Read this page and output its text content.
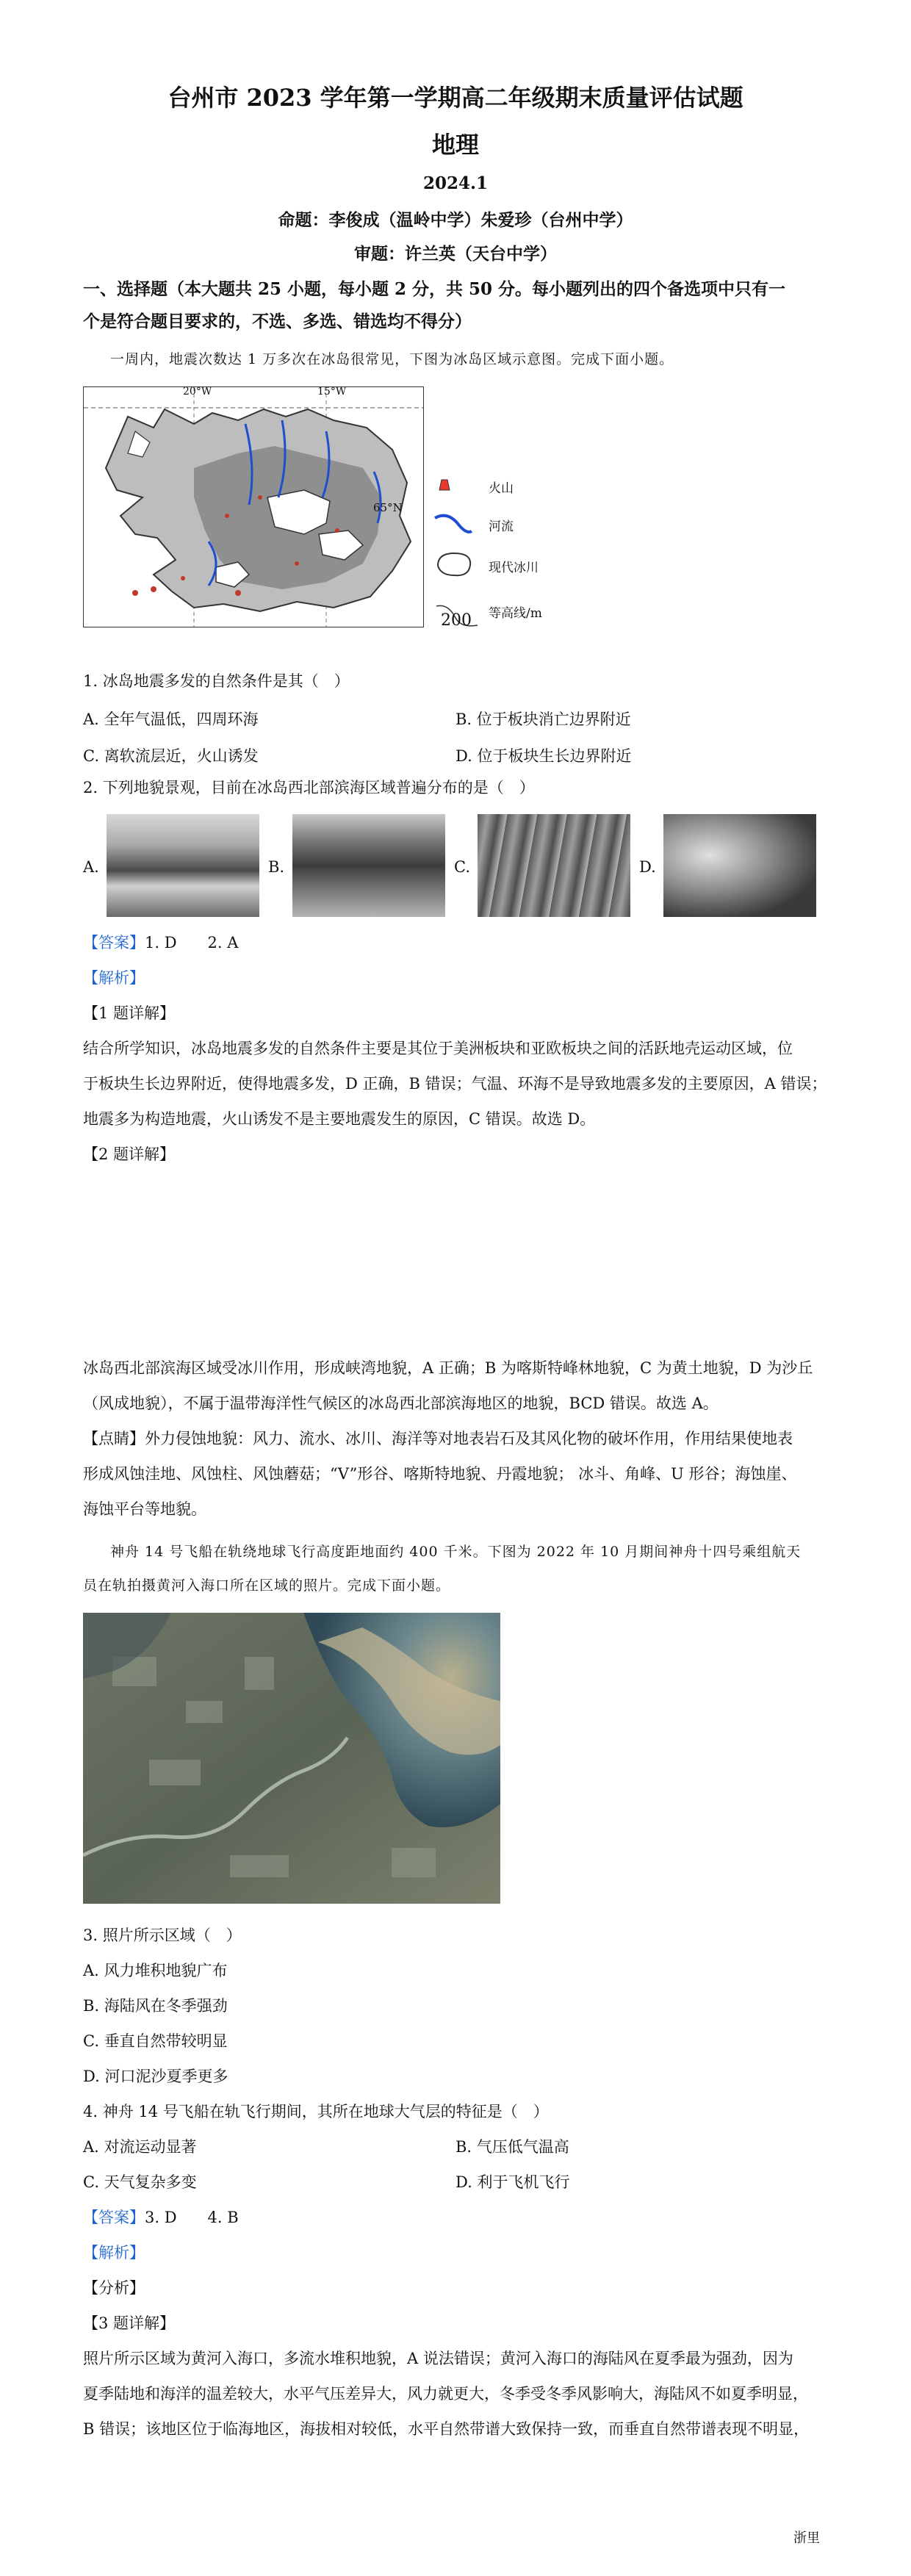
台州市 2023 学年第一学期高二年级期末质量评估试题
地理
2024.1
命题：李俊成（温岭中学）朱爱珍（台州中学）
审题：许兰英（天台中学）
一、选择题（本大题共 25 小题，每小题 2 分，共 50 分。每小题列出的四个备选项中只有一
个是符合题目要求的，不选、多选、错选均不得分）
一周内，地震次数达 1 万多次在冰岛很常见，下图为冰岛区域示意图。完成下面小题。
20°W	15°W
65°N
火山
河流
现代冰川
200 等高线/m
1. 冰岛地震多发的自然条件是其（　）
A. 全年气温低，四周环海	B. 位于板块消亡边界附近
C. 离软流层近，火山诱发	D. 位于板块生长边界附近
2. 下列地貌景观，目前在冰岛西北部滨海区域普遍分布的是（　）
A.	B.	C.	D.
【答案】1. D　　2. A
【解析】
【1 题详解】
结合所学知识，冰岛地震多发的自然条件主要是其位于美洲板块和亚欧板块之间的活跃地壳运动区域，位
于板块生长边界附近，使得地震多发，D 正确，B 错误；气温、环海不是导致地震多发的主要原因，A 错误；
地震多为构造地震，火山诱发不是主要地震发生的原因，C 错误。故选 D。
【2 题详解】
冰岛西北部滨海区域受冰川作用，形成峡湾地貌，A 正确；B 为喀斯特峰林地貌，C 为黄土地貌，D 为沙丘
（风成地貌），不属于温带海洋性气候区的冰岛西北部滨海地区的地貌，BCD 错误。故选 A。
【点睛】外力侵蚀地貌：风力、流水、冰川、海洋等对地表岩石及其风化物的破坏作用，作用结果使地表
形成风蚀洼地、风蚀柱、风蚀蘑菇；“V”形谷、喀斯特地貌、丹霞地貌； 冰斗、角峰、U 形谷；海蚀崖、
海蚀平台等地貌。
神舟 14 号飞船在轨绕地球飞行高度距地面约 400 千米。下图为 2022 年 10 月期间神舟十四号乘组航天
员在轨拍摄黄河入海口所在区域的照片。完成下面小题。
3. 照片所示区域（　）
A. 风力堆积地貌广布
B. 海陆风在冬季强劲
C. 垂直自然带较明显
D. 河口泥沙夏季更多
4. 神舟 14 号飞船在轨飞行期间，其所在地球大气层的特征是（　）
A. 对流运动显著	B. 气压低气温高
C. 天气复杂多变	D. 利于飞机飞行
【答案】3. D　　4. B
【解析】
【分析】
【3 题详解】
照片所示区域为黄河入海口，多流水堆积地貌，A 说法错误；黄河入海口的海陆风在夏季最为强劲，因为
夏季陆地和海洋的温差较大，水平气压差异大，风力就更大，冬季受冬季风影响大，海陆风不如夏季明显，
B 错误；该地区位于临海地区，海拔相对较低，水平自然带谱大致保持一致，而垂直自然带谱表现不明显，
浙里
